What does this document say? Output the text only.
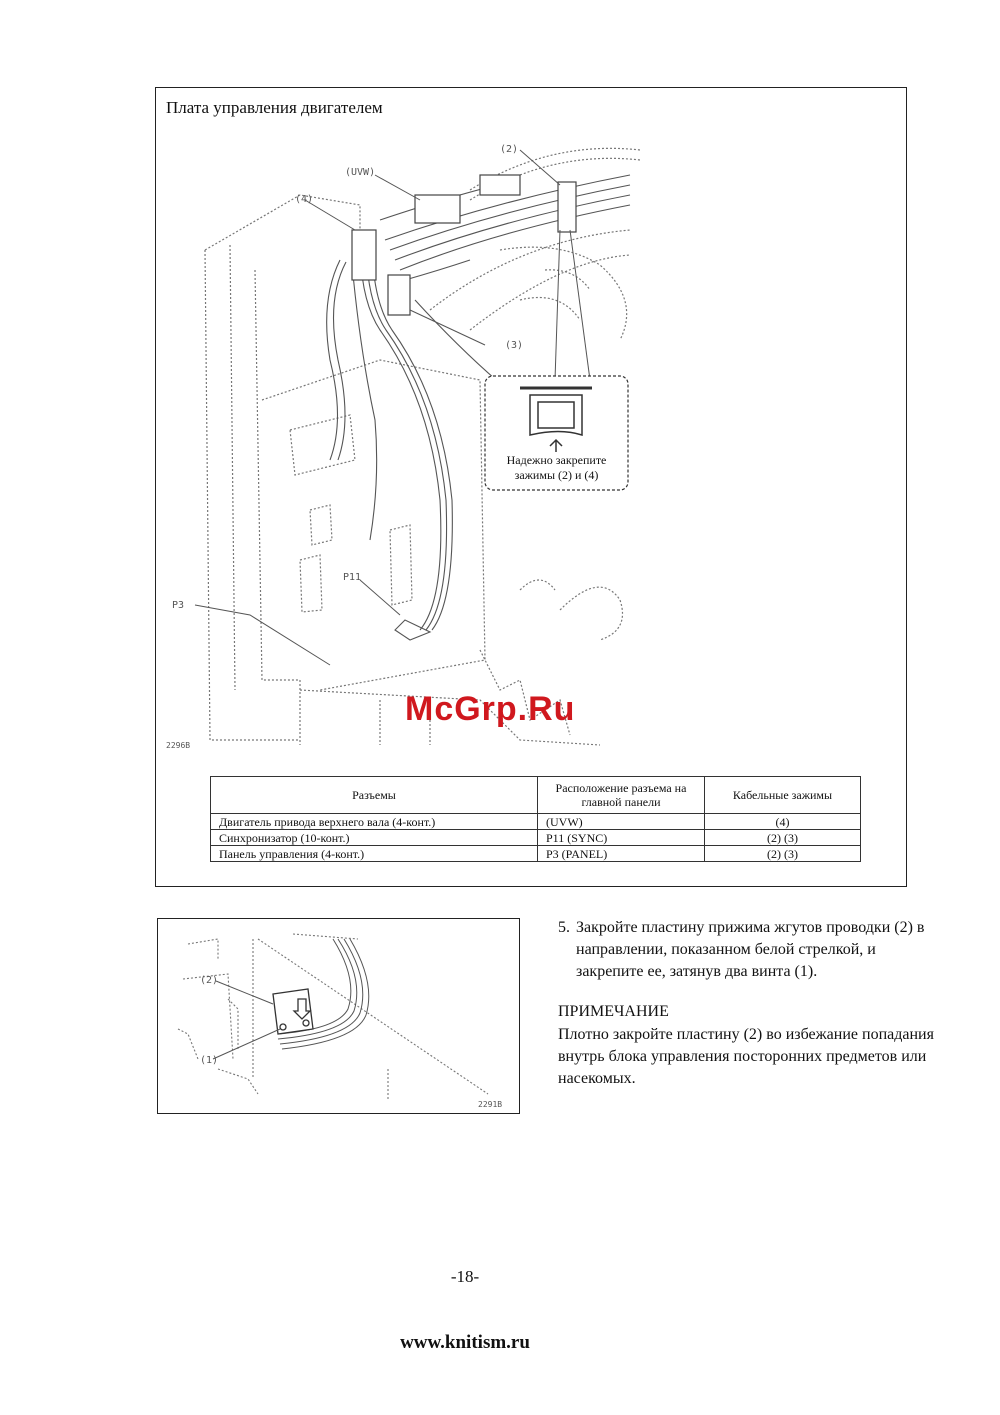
Плата управления двигателем
(UVW)
(2)
(4)
(3)
P11
P3
2296B
Надежно закрепите зажимы (2) и (4)
McGrp.Ru
Разъемы	Расположение разъема на главной панели	Кабельные зажимы
Двигатель привода верхнего вала (4-конт.)	(UVW)	(4)
Синхронизатор (10-конт.)	P11 (SYNC)	(2) (3)
Панель управления (4-конт.)	P3 (PANEL)	(2) (3)
(2)
(1)
2291B
5. Закройте пластину прижима жгутов проводки (2) в направлении, показанном белой стрелкой, и закрепите ее, затянув два винта (1).
ПРИМЕЧАНИЕ
Плотно закройте пластину (2) во избежание попадания внутрь блока управления посторонних предметов или насекомых.
-18-
www.knitism.ru
